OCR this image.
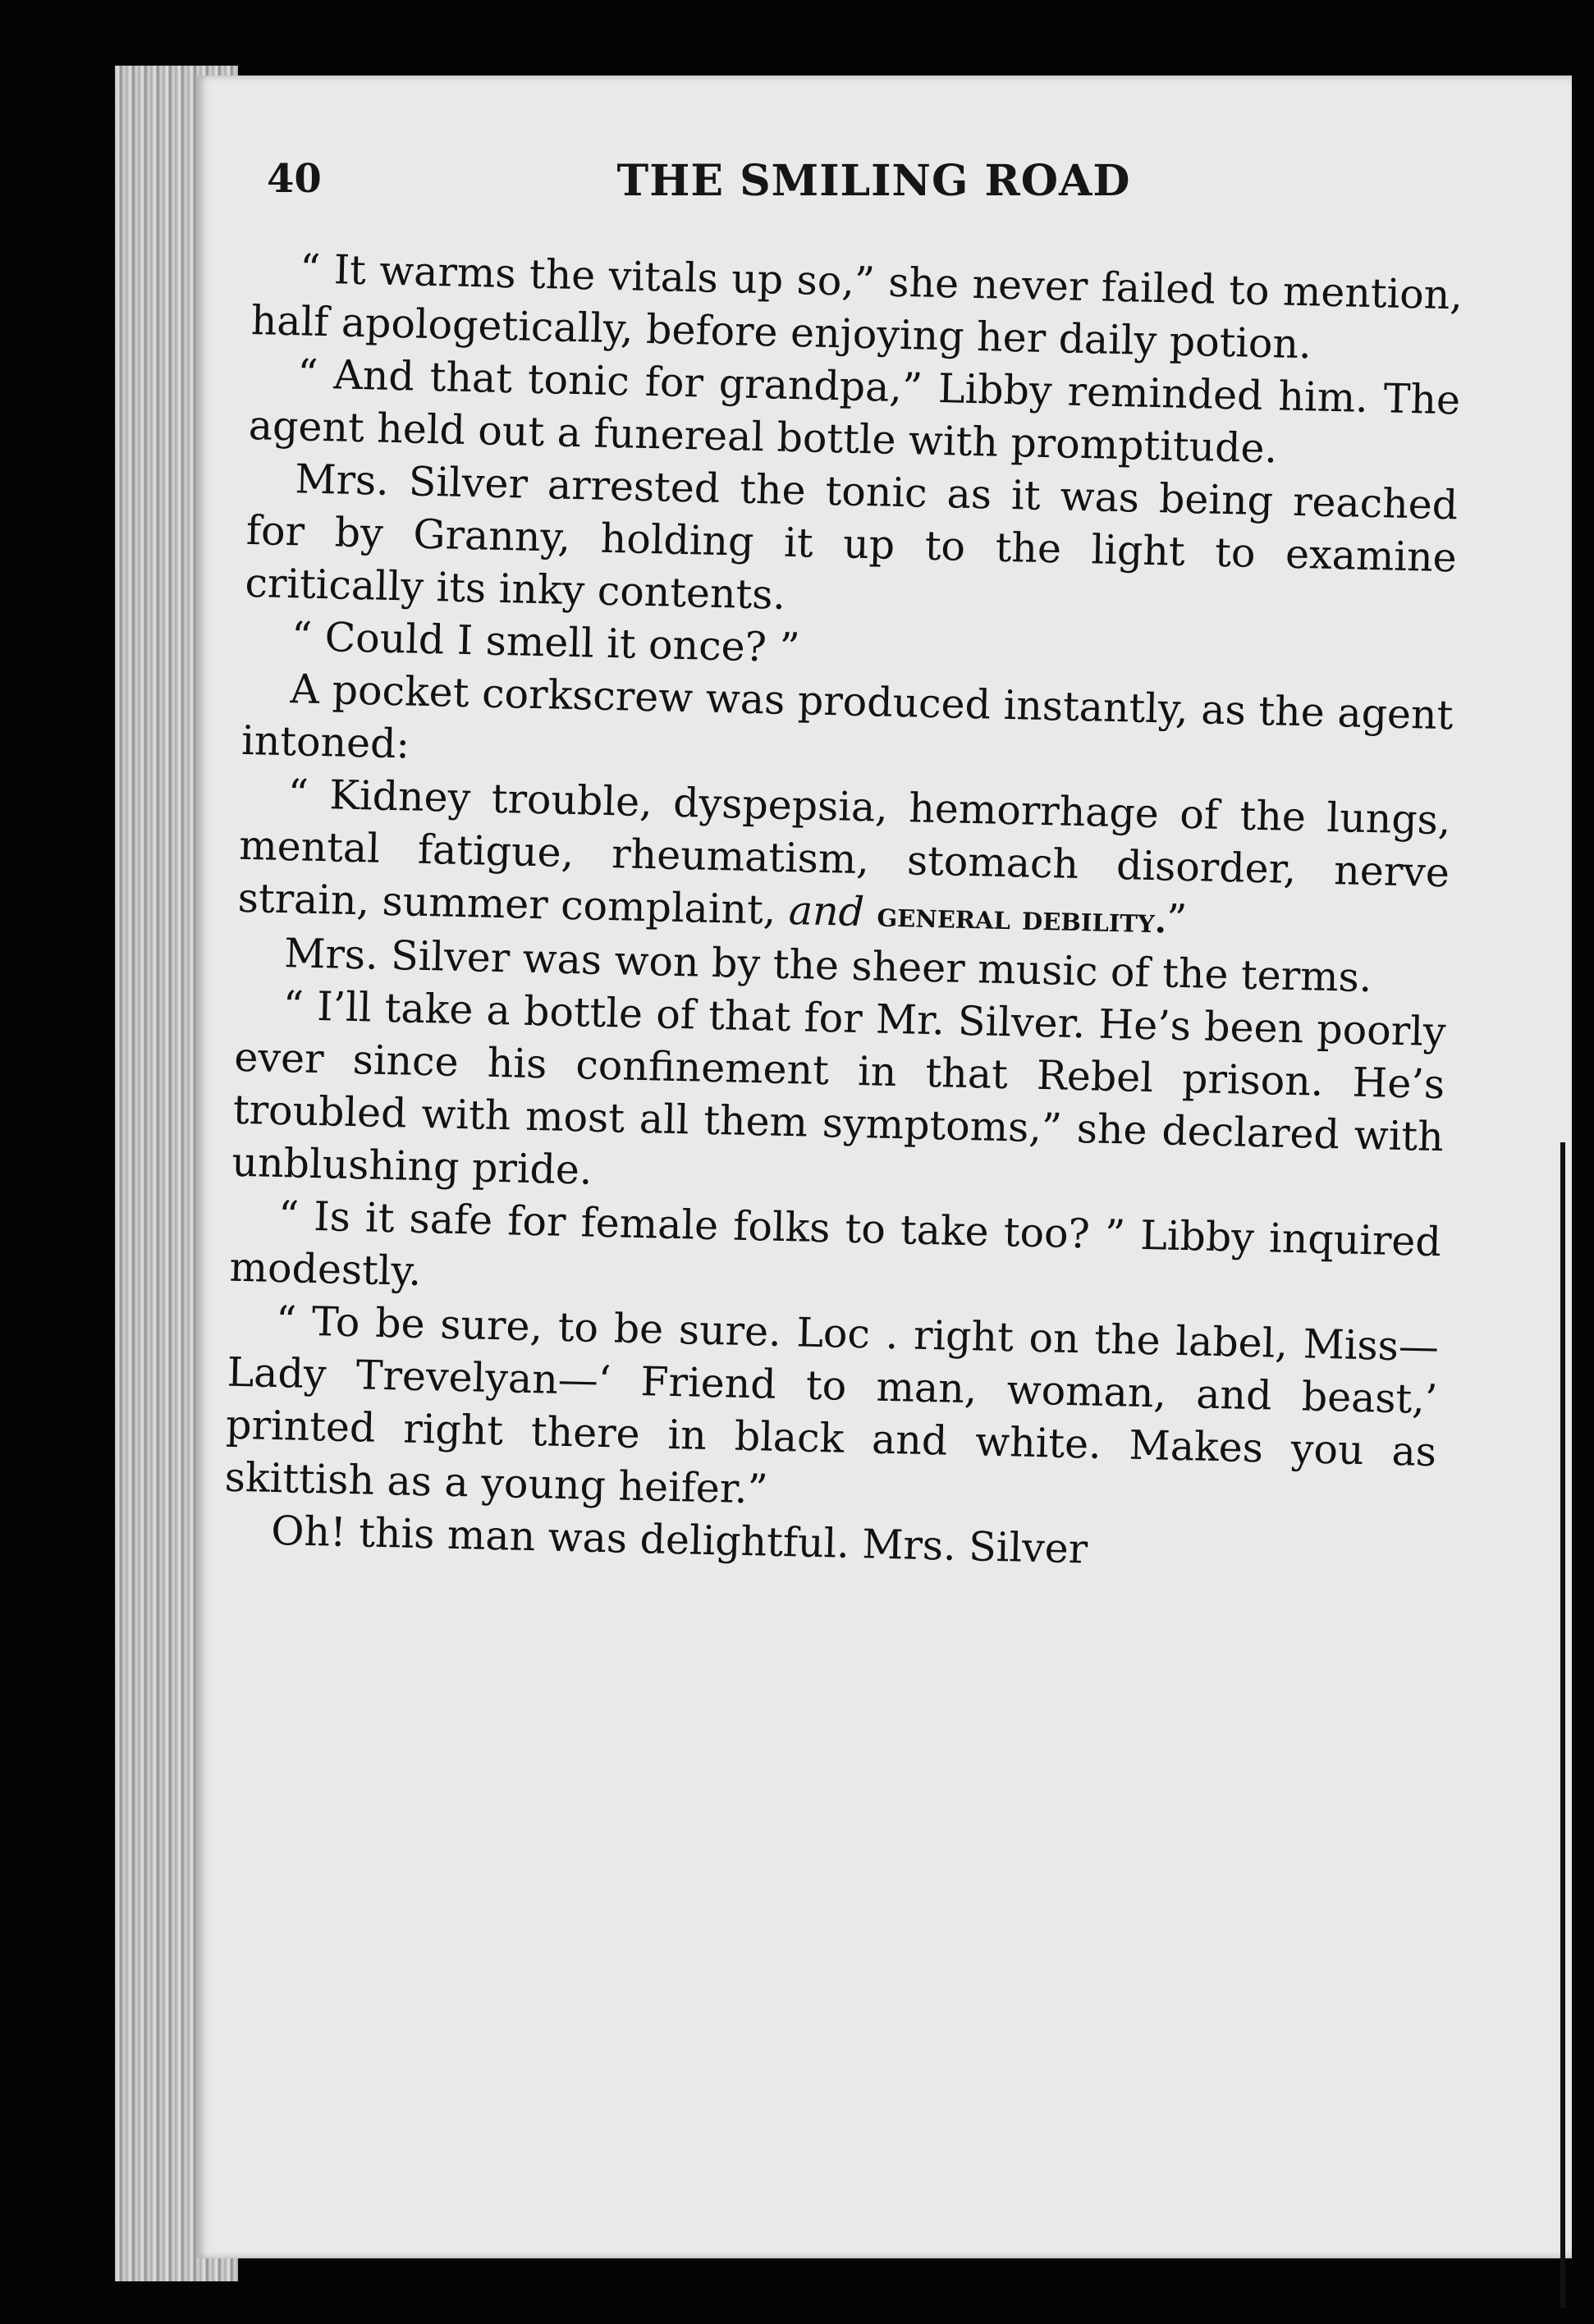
40	THE SMILING ROAD

“ It warms the vitals up so,” she never failed to mention, half apologetically, before enjoying her daily potion.

“ And that tonic for grandpa,” Libby reminded him. The agent held out a funereal bottle with promptitude.

Mrs. Silver arrested the tonic as it was being reached for by Granny, holding it up to the light to examine critically its inky contents.

“ Could I smell it once? ”

A pocket corkscrew was produced instantly, as the agent intoned:

“ Kidney trouble, dyspepsia, hemorrhage of the lungs, mental fatigue, rheumatism, stomach disorder, nerve strain, summer complaint, and general debility.”

Mrs. Silver was won by the sheer music of the terms.

“ I’ll take a bottle of that for Mr. Silver. He’s been poorly ever since his confinement in that Rebel prison. He’s troubled with most all them symptoms,” she declared with unblushing pride.

“ Is it safe for female folks to take too? ” Libby inquired modestly.

“ To be sure, to be sure. Loc . right on the label, Miss—Lady Trevelyan—‘ Friend to man, woman, and beast,’ printed right there in black and white. Makes you as skittish as a young heifer.”

Oh! this man was delightful. Mrs. Silver
